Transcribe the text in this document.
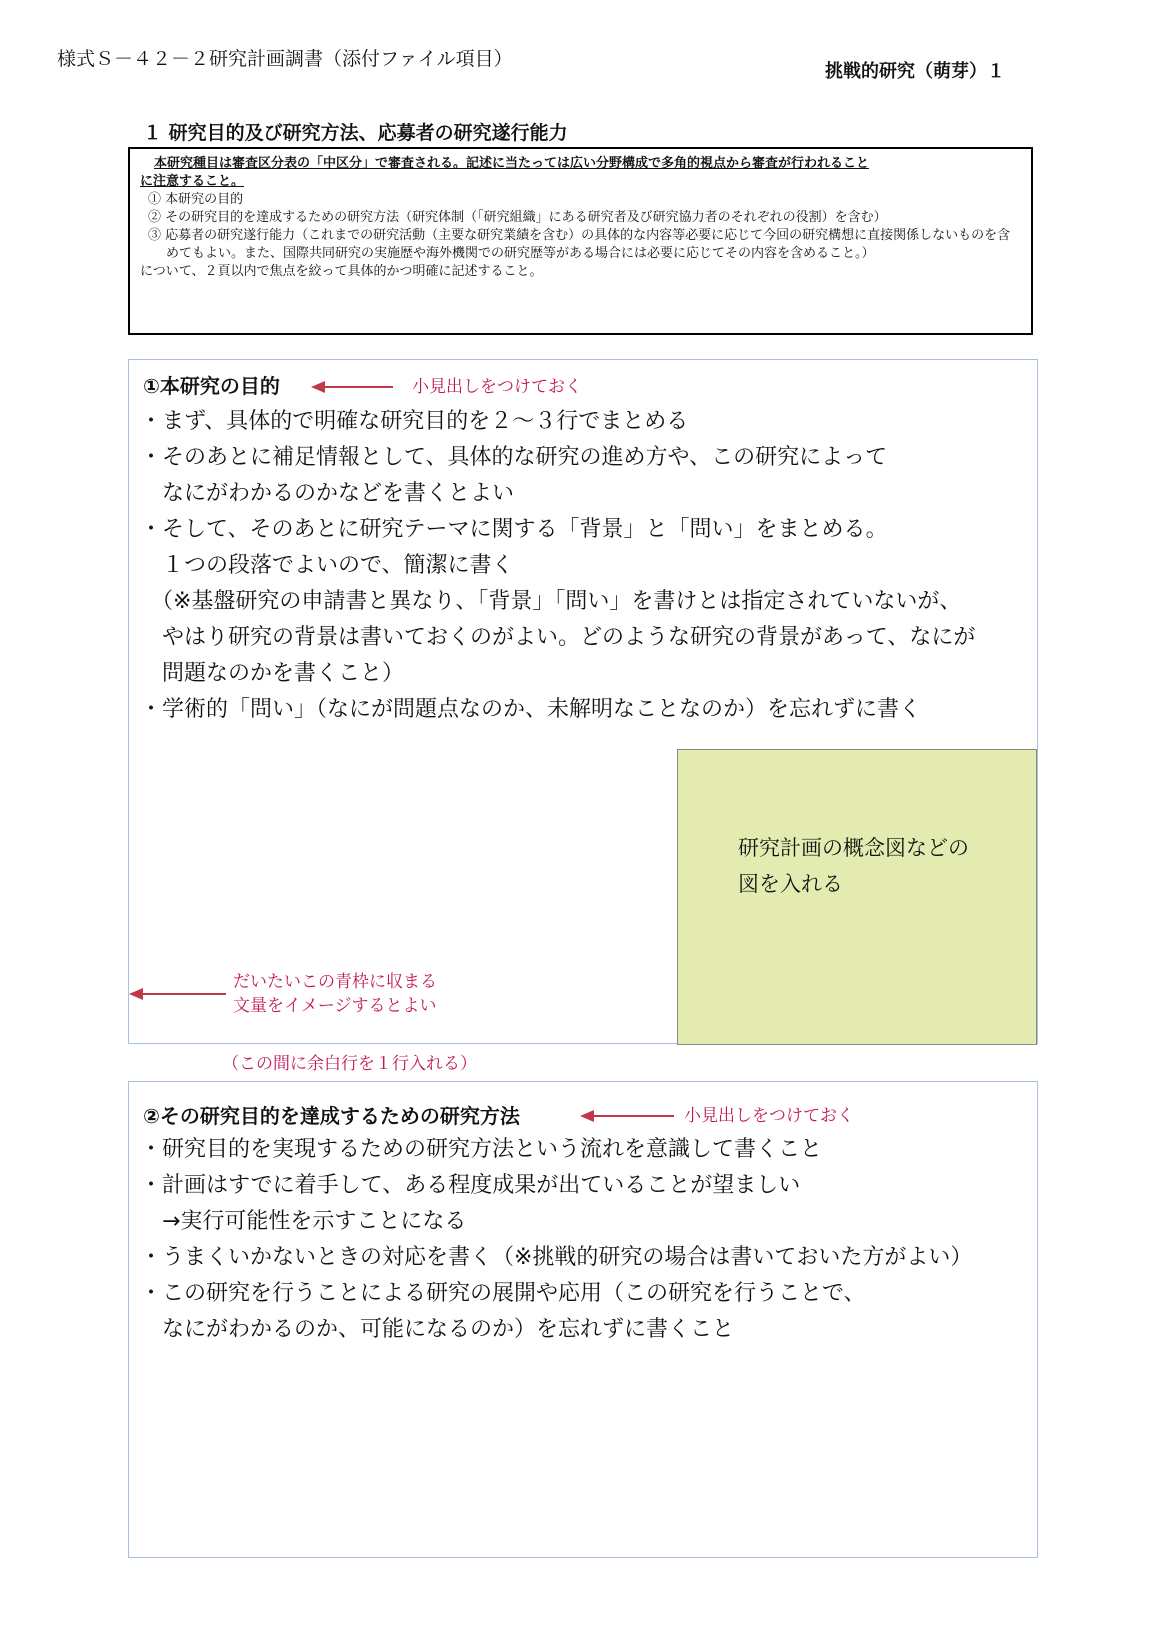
様式Ｓ－４２－２研究計画調書（添付ファイル項目）
挑戦的研究（萌芽）１
１ 研究目的及び研究方法、応募者の研究遂行能力
本研究種目は審査区分表の「中区分」で審査される。記述に当たっては広い分野構成で多角的視点から審査が行われること
に注意すること。
① 本研究の目的
② その研究目的を達成するための研究方法（研究体制（「研究組織」にある研究者及び研究協力者のそれぞれの役割）を含む）
③ 応募者の研究遂行能力（これまでの研究活動（主要な研究業績を含む）の具体的な内容等必要に応じて今回の研究構想に直接関係しないものを含めてもよい。また、国際共同研究の実施歴や海外機関での研究歴等がある場合には必要に応じてその内容を含めること。）
について、２頁以内で焦点を絞って具体的かつ明確に記述すること。
①本研究の目的	小見出しをつけておく
・まず、具体的で明確な研究目的を２～３行でまとめる
・そのあとに補足情報として、具体的な研究の進め方や、この研究によって
　なにがわかるのかなどを書くとよい
・そして、そのあとに研究テーマに関する「背景」と「問い」をまとめる。
　１つの段落でよいので、簡潔に書く
　（※基盤研究の申請書と異なり、「背景」「問い」を書けとは指定されていないが、
　やはり研究の背景は書いておくのがよい。どのような研究の背景があって、なにが
　問題なのかを書くこと）
・学術的「問い」（なにが問題点なのか、未解明なことなのか）を忘れずに書く
研究計画の概念図などの
図を入れる
だいたいこの青枠に収まる
文量をイメージするとよい
（この間に余白行を１行入れる）
②その研究目的を達成するための研究方法	小見出しをつけておく
・研究目的を実現するための研究方法という流れを意識して書くこと
・計画はすでに着手して、ある程度成果が出ていることが望ましい
　→実行可能性を示すことになる
・うまくいかないときの対応を書く（※挑戦的研究の場合は書いておいた方がよい）
・この研究を行うことによる研究の展開や応用（この研究を行うことで、
　なにがわかるのか、可能になるのか）を忘れずに書くこと
